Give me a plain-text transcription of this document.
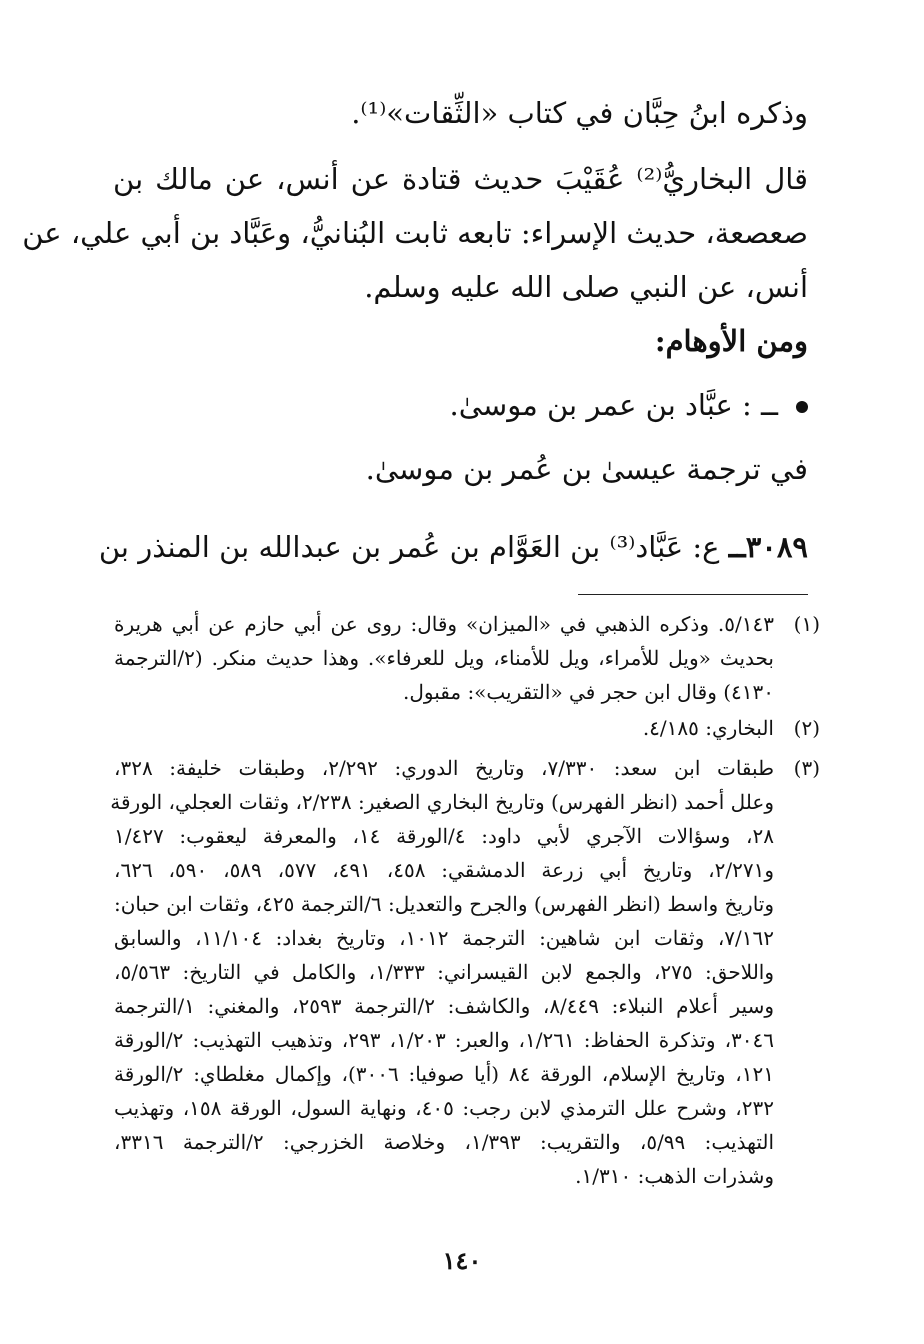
وذكره ابنُ حِبَّان في كتاب «الثِّقات»⁽¹⁾.
قال البخاريُّ⁽²⁾ عُقَيْبَ حديث قتادة عن أنس، عن مالك بن
صعصعة، حديث الإسراء: تابعه ثابت البُنانيُّ، وعَبَّاد بن أبي علي، عن
أنس، عن النبي صلى الله عليه وسلم.
ومن الأوهام:
ــ : عبَّاد بن عمر بن موسىٰ.
في ترجمة عيسىٰ بن عُمر بن موسىٰ.
٣٠٨٩ــ ع: عَبَّاد⁽³⁾ بن العَوَّام بن عُمر بن عبدالله بن المنذر بن
(١)
٥/١٤٣. وذكره الذهبي في «الميزان» وقال: روى عن أبي حازم عن أبي هريرة
بحديث «ويل للأمراء، ويل للأمناء، ويل للعرفاء». وهذا حديث منكر. (٢/الترجمة
٤١٣٠) وقال ابن حجر في «التقريب»: مقبول.
(٢)
البخاري: ٤/١٨٥.
(٣)
طبقات ابن سعد: ٧/٣٣٠، وتاريخ الدوري: ٢/٢٩٢، وطبقات خليفة: ٣٢٨،
وعلل أحمد (انظر الفهرس) وتاريخ البخاري الصغير: ٢/٢٣٨، وثقات العجلي، الورقة
٢٨، وسؤالات الآجري لأبي داود: ٤/الورقة ١٤، والمعرفة ليعقوب: ١/٤٢٧
و٢/٢٧١، وتاريخ أبي زرعة الدمشقي: ٤٥٨، ٤٩١، ٥٧٧، ٥٨٩، ٥٩٠، ٦٢٦،
وتاريخ واسط (انظر الفهرس) والجرح والتعديل: ٦/الترجمة ٤٢٥، وثقات ابن حبان:
٧/١٦٢، وثقات ابن شاهين: الترجمة ١٠١٢، وتاريخ بغداد: ١١/١٠٤، والسابق
واللاحق: ٢٧٥، والجمع لابن القيسراني: ١/٣٣٣، والكامل في التاريخ: ٥/٥٦٣،
وسير أعلام النبلاء: ٨/٤٤٩، والكاشف: ٢/الترجمة ٢٥٩٣، والمغني: ١/الترجمة
٣٠٤٦، وتذكرة الحفاظ: ١/٢٦١، والعبر: ١/٢٠٣، ٢٩٣، وتذهيب التهذيب: ٢/الورقة
١٢١، وتاريخ الإسلام، الورقة ٨٤ (أيا صوفيا: ٣٠٠٦)، وإكمال مغلطاي: ٢/الورقة
٢٣٢، وشرح علل الترمذي لابن رجب: ٤٠٥، ونهاية السول، الورقة ١٥٨، وتهذيب
التهذيب: ٥/٩٩، والتقريب: ١/٣٩٣، وخلاصة الخزرجي: ٢/الترجمة ٣٣١٦،
وشذرات الذهب: ١/٣١٠.
١٤٠
